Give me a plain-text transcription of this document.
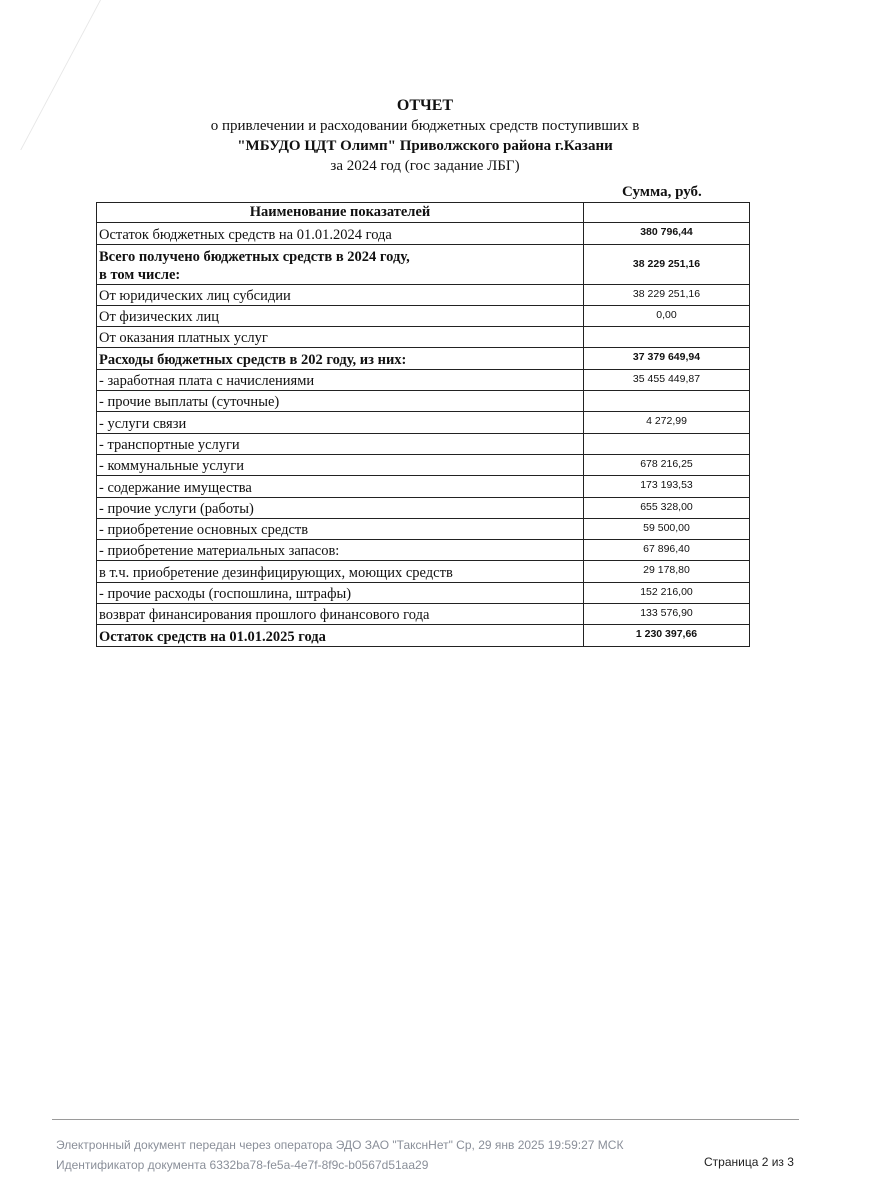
ОТЧЕТ
о привлечении и расходовании бюджетных средств поступивших в
"МБУДО ЦДТ Олимп" Приволжского района г.Казани
за 2024 год (гос задание ЛБГ)
Сумма, руб.
Наименование показателей	
Остаток бюджетных средств на 01.01.2024 года	380 796,44
Всего получено бюджетных средств в 2024 году,
в том числе:	38 229 251,16
От юридических лиц субсидии	38 229 251,16
От физических лиц	0,00
От оказания платных услуг	
Расходы бюджетных средств в 202 году, из них:	37 379 649,94
- заработная плата с начислениями	35 455 449,87
- прочие выплаты (суточные)	
- услуги связи	4 272,99
- транспортные услуги	
- коммунальные услуги	678 216,25
- содержание имущества	173 193,53
- прочие услуги (работы)	655 328,00
- приобретение основных средств	59 500,00
- приобретение материальных запасов:	67 896,40
в т.ч. приобретение дезинфицирующих, моющих средств	29 178,80
- прочие расходы (госпошлина, штрафы)	152 216,00
возврат финансирования прошлого финансового года	133 576,90
Остаток средств на 01.01.2025 года	1 230 397,66
Электронный документ передан через оператора ЭДО ЗАО "ТакснНет" Ср, 29 янв 2025 19:59:27 МСК
Идентификатор документа 6332ba78-fe5a-4e7f-8f9c-b0567d51aa29	Страница 2 из 3
